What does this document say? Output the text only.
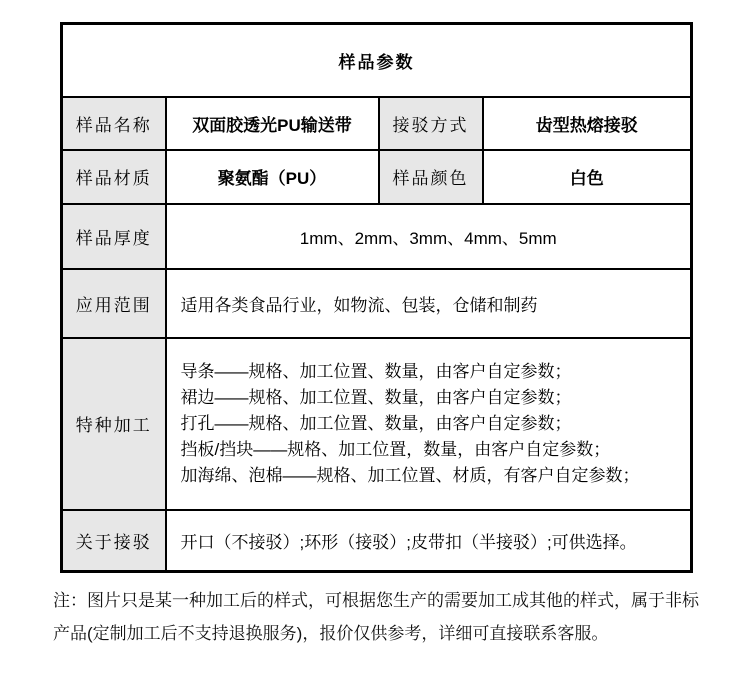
样品参数			
样品名称	双面胶透光PU输送带	接驳方式	齿型热熔接驳
样品材质	聚氨酯（PU）	样品颜色	白色
样品厚度	1mm、2mm、3mm、4mm、5mm		
应用范围	适用各类食品行业，如物流、包装，仓储和制药		
特种加工	导条——规格、加工位置、数量，由客户自定参数；
裙边——规格、加工位置、数量，由客户自定参数；
打孔——规格、加工位置、数量，由客户自定参数；
挡板/挡块——规格、加工位置，数量，由客户自定参数；
加海绵、泡棉——规格、加工位置、材质，有客户自定参数；		

关于接驳	开口（不接驳）;环形（接驳）;皮带扣（半接驳）;可供选择。		
注：图片只是某一种加工后的样式，可根据您生产的需要加工成其他的样式，属于非标
产品(定制加工后不支持退换服务)，报价仅供参考，详细可直接联系客服。
